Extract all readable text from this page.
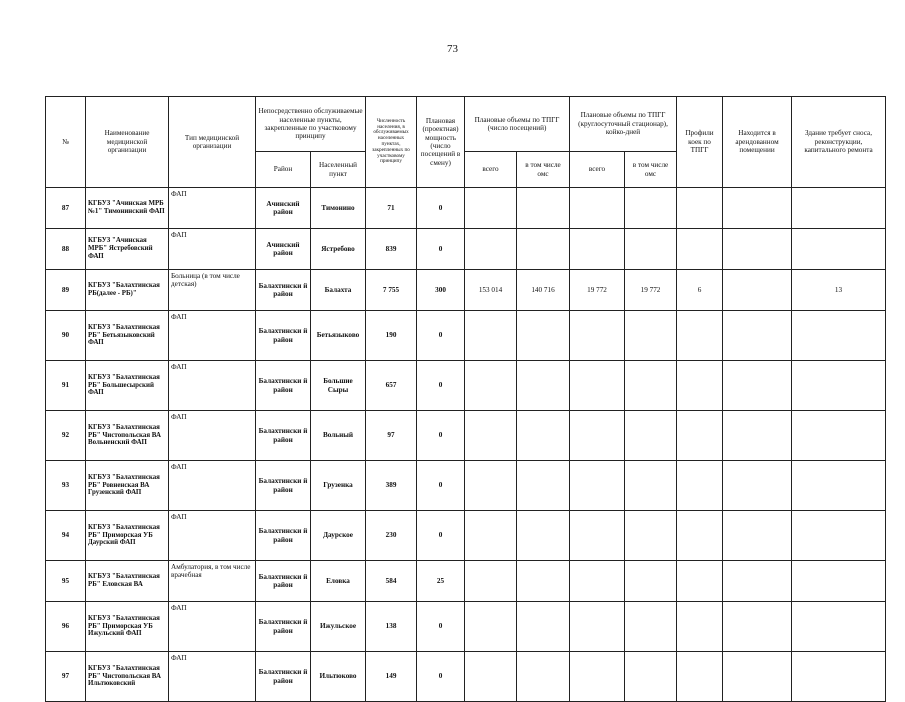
73
№	Наименование медицинской организации	Тип медицинской организации	Непосредственно обслуживаемые населенные пункты, закрепленные по участковому принципу		Численность населения, в обслуживаемых населенных пунктах, закрепленных по участковому принципу	Плановая (проектная) мощность (число посещений в смену)	Плановые объемы по ТПГГ (число посещений)		Плановые объемы по ТПГГ (круглосуточный стационар), койко-дней		Профили коек по ТПГГ	Находится в арендованном помещении	Здание требует сноса, реконструкции, капитального ремонта
			Район	Населенный пункт			всего	в том числе омс	всего	в том числе омс			
87	КГБУЗ "Ачинская МРБ №1" Тимонинский ФАП	ФАП	Ачинский район	Тимонино	71	0							
88	КГБУЗ "Ачинская МРБ" Ястребовский ФАП	ФАП	Ачинский район	Ястребово	839	0							
89	КГБУЗ "Балахтинская РБ(далее - РБ)"	Больница (в том числе детская)	Балахтински й район	Балахта	7 755	300	153 014	140 716	19 772	19 772	6		13
90	КГБУЗ "Балахтинская РБ" Бетьязыковский ФАП	ФАП	Балахтински й район	Бетьязыково	190	0							
91	КГБУЗ "Балахтинская РБ" Большесырский ФАП	ФАП	Балахтински й район	Большие Сыры	657	0							
92	КГБУЗ "Балахтинская РБ" Чистопольская ВА Вольненский ФАП	ФАП	Балахтински й район	Вольный	97	0							
93	КГБУЗ "Балахтинская РБ" Ровненская ВА Грузенский ФАП	ФАП	Балахтински й район	Грузенка	389	0							
94	КГБУЗ "Балахтинская РБ" Приморская УБ Даурский ФАП	ФАП	Балахтински й район	Даурское	230	0							
95	КГБУЗ "Балахтинская РБ" Еловская ВА	Амбулатория, в том числе врачебная	Балахтински й район	Еловка	584	25							
96	КГБУЗ "Балахтинская РБ" Приморская УБ Ижульский ФАП	ФАП	Балахтински й район	Ижульское	138	0							
97	КГБУЗ "Балахтинская РБ" Чистопольская ВА Ильтюковский	ФАП	Балахтински й район	Ильтюково	149	0							
